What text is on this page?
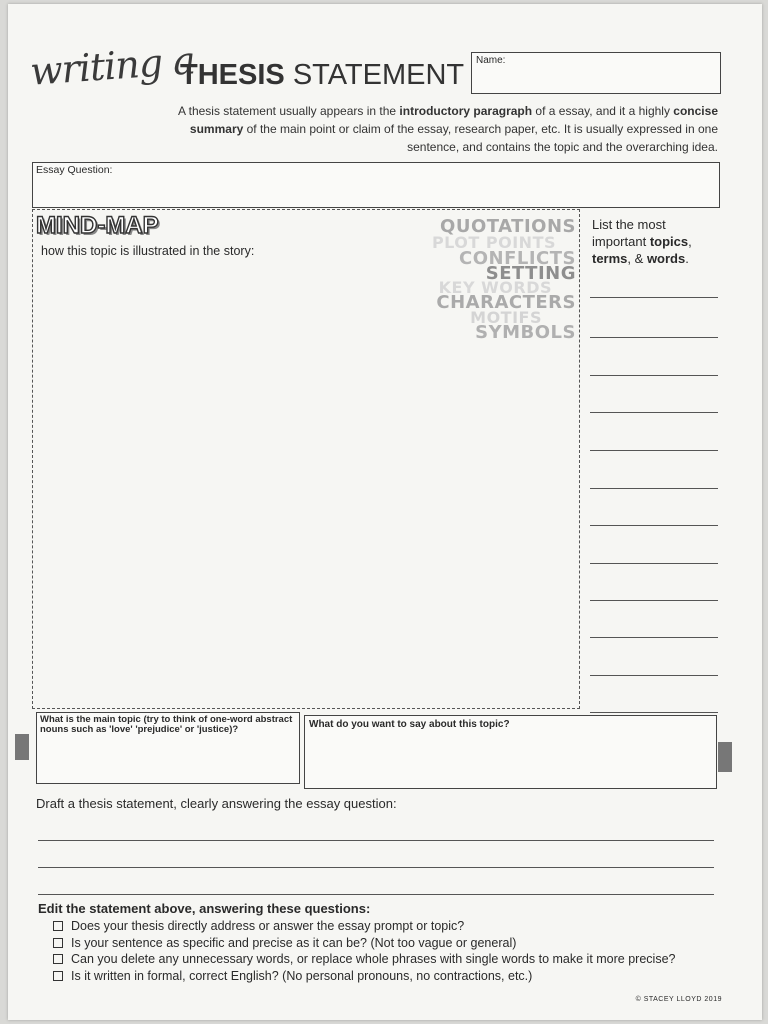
writing a
THESIS STATEMENT Name:
A thesis statement usually appears in the introductory paragraph of a essay, and it a highly concise summary of the main point or claim of the essay, research paper, etc. It is usually expressed in one sentence, and contains the topic and the overarching idea.
Essay Question:
MIND-MAP
how this topic is illustrated in the story:
QUOTATIONS
PLOT POINTS
CONFLICTS
SETTING
KEY WORDS
CHARACTERS
MOTIFS
SYMBOLS
List the most important topics, terms, & words.
What is the main topic (try to think of one-word abstract nouns such as 'love' 'prejudice' or 'justice)?	What do you want to say about this topic?
Draft a thesis statement, clearly answering the essay question:
Edit the statement above, answering these questions:
Does your thesis directly address or answer the essay prompt or topic?
Is your sentence as specific and precise as it can be? (Not too vague or general)
Can you delete any unnecessary words, or replace whole phrases with single words to make it more precise?
Is it written in formal, correct English? (No personal pronouns, no contractions, etc.)
© STACEY LLOYD 2019
